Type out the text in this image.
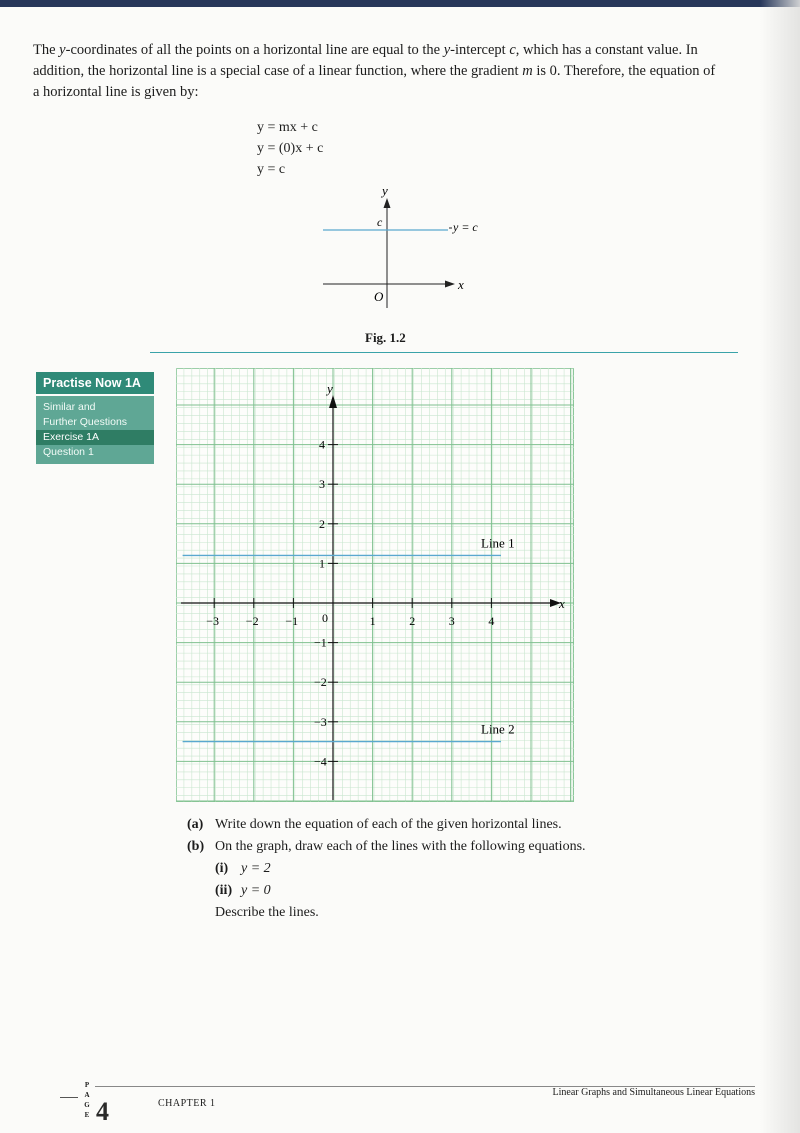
The y-coordinates of all the points on a horizontal line are equal to the y-intercept c, which has a constant value. In addition, the horizontal line is a special case of a linear function, where the gradient m is 0. Therefore, the equation of a horizontal line is given by:

y = mx + c
y = (0)x + c
y = c
y
x
O
c	y = c
Fig. 1.2
Practise Now 1A
Similar and
Further Questions
Exercise 1A
Question 1
x
y
−3 −2 −1	1	2	3	4
−4
−3
−2
−1
1
2
3
4
0
Line 1
Line 2
(a) Write down the equation of each of the given horizontal lines.
(b) On the graph, draw each of the lines with the following equations.
(i) y = 2
(ii) y = 0
Describe the lines.
PAGE 4	CHAPTER 1
Linear Graphs and Simultaneous Linear Equations
